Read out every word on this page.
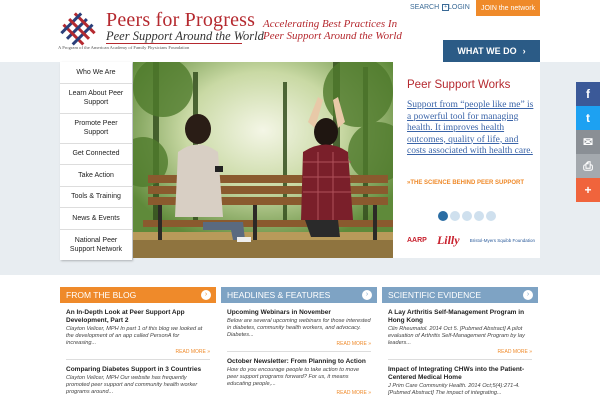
Peers for Progress
Peer Support Around the World
A Program of the American Academy of Family Physicians Foundation
Accelerating Best Practices In Peer Support Around the World
SEARCH	+ LOGIN	JOIN the network
WHAT WE DO ›
Who We Are
Learn About Peer Support
Promote Peer Support
Get Connected
Take Action
Tools & Training
News & Events
National Peer Support Network
Peer Support Works
Support from “people like me” is a powerful tool for managing health. It improves health outcomes, quality of life, and costs associated with health care.
»THE SCIENCE BEHIND PEER SUPPORT
AARP Lilly Bristol-Myers Squibb Foundation
f
t
✉
⎙
+
FROM THE BLOG	›
An In-Depth Look at Peer Support App Development, Part 2
Clayton Velicer, MPH In part 1 of this blog we looked at the development of an app called PersonA for increasing...
READ MORE »
Comparing Diabetes Support in 3 Countries
Clayton Velicer, MPH Our website has frequently promoted peer support and community health worker programs around...
HEADLINES & FEATURES	›
Upcoming Webinars in November
Below are several upcoming webinars for those interested in diabetes, community health workers, and advocacy. Diabetes...
READ MORE »
October Newsletter: From Planning to Action
How do you encourage people to take action to move peer support programs forward? For us, it means educating people,...
READ MORE »
SCIENTIFIC EVIDENCE	›
A Lay Arthritis Self-Management Program in Hong Kong
Clin Rheumatol. 2014 Oct 5. [Pubmed Abstract] A pilot evaluation of Arthritis Self-Management Program by lay leaders...
READ MORE »
Impact of Integrating CHWs into the Patient-Centered Medical Home
J Prim Care Community Health. 2014 Oct;5(4):271-4. [Pubmed Abstract] The impact of integrating...
